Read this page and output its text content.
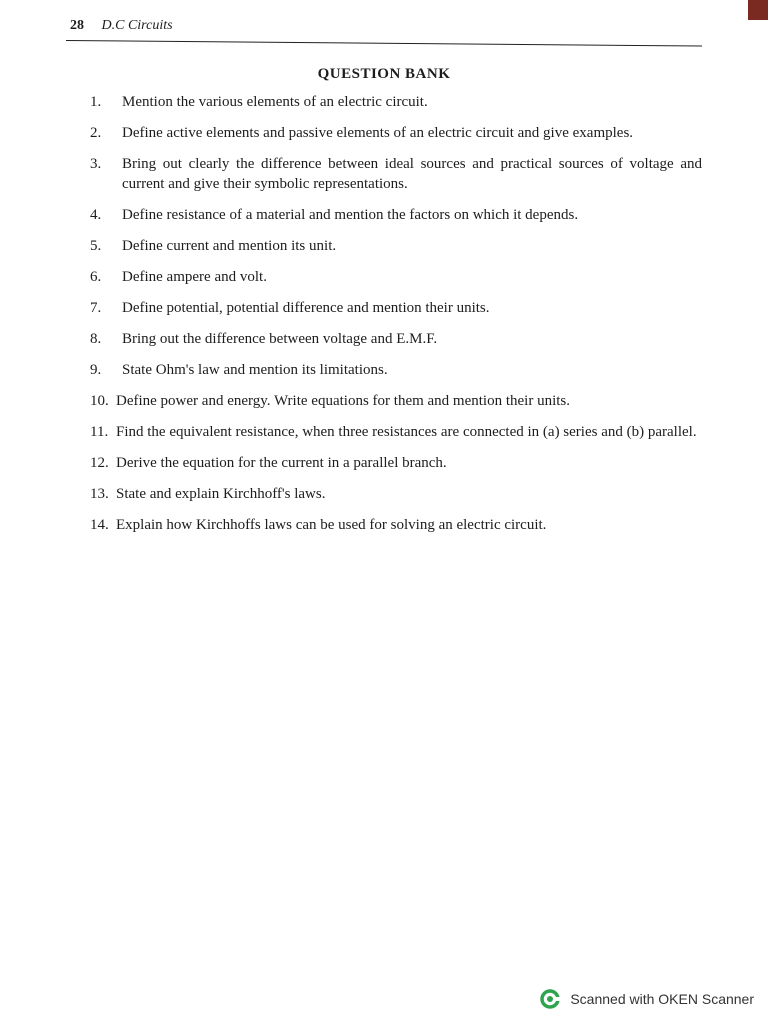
28 D.C Circuits
QUESTION BANK
1.	Mention the various elements of an electric circuit.
2.	Define active elements and passive elements of an electric circuit and give examples.
3.	Bring out clearly the difference between ideal sources and practical sources of voltage and current and give their symbolic representations.
4.	Define resistance of a material and mention the factors on which it depends.
5.	Define current and mention its unit.
6.	Define ampere and volt.
7.	Define potential, potential difference and mention their units.
8.	Bring out the difference between voltage and E.M.F.
9.	State Ohm's law and mention its limitations.
10. Define power and energy. Write equations for them and mention their units.
11. Find the equivalent resistance, when three resistances are connected in (a) series and (b) parallel.
12. Derive the equation for the current in a parallel branch.
13. State and explain Kirchhoff's laws.
14. Explain how Kirchhoffs laws can be used for solving an electric circuit.
Scanned with OKEN Scanner
